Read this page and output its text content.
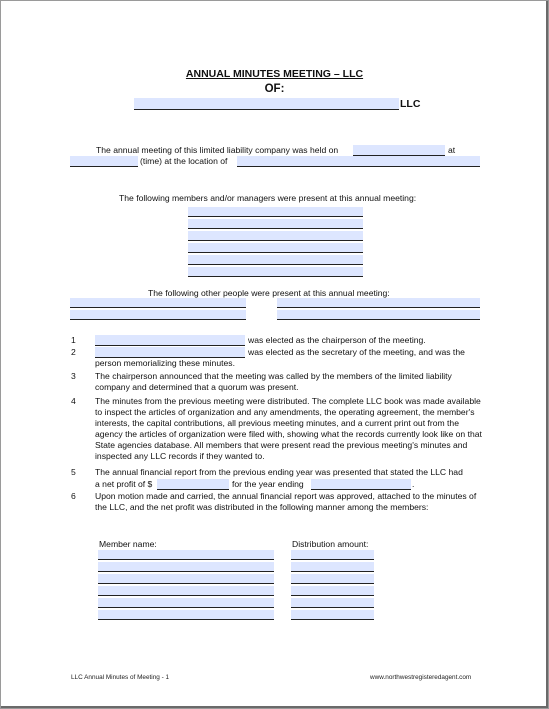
ANNUAL MINUTES MEETING – LLC
OF:
LLC
The annual meeting of this limited liability company was held on	at
(time) at the location of
The following members and/or managers were present at this annual meeting:
The following other people were present at this annual meeting:
1	was elected as the chairperson of the meeting.
2	was elected as the secretary of the meeting, and was the
person memorializing these minutes.
3 The chairperson announced that the meeting was called by the members of the limited liability company and determined that a quorum was present.
4 The minutes from the previous meeting were distributed. The complete LLC book was made available to inspect the articles of organization and any amendments, the operating agreement, the member's interests, the capital contributions, all previous meeting minutes, and a current print out from the agency the articles of organization were filed with, showing what the records currently look like on that State agencies database. All members that were present read the previous meeting's minutes and inspected any LLC records if they wanted to.
5 The annual financial report from the previous ending year was presented that stated the LLC had
a net profit of $	for the year ending	.
6 Upon motion made and carried, the annual financial report was approved, attached to the minutes of the LLC, and the net profit was distributed in the following manner among the members:
Member name:	Distribution amount:
LLC Annual Minutes of Meeting - 1	www.northwestregisteredagent.com
